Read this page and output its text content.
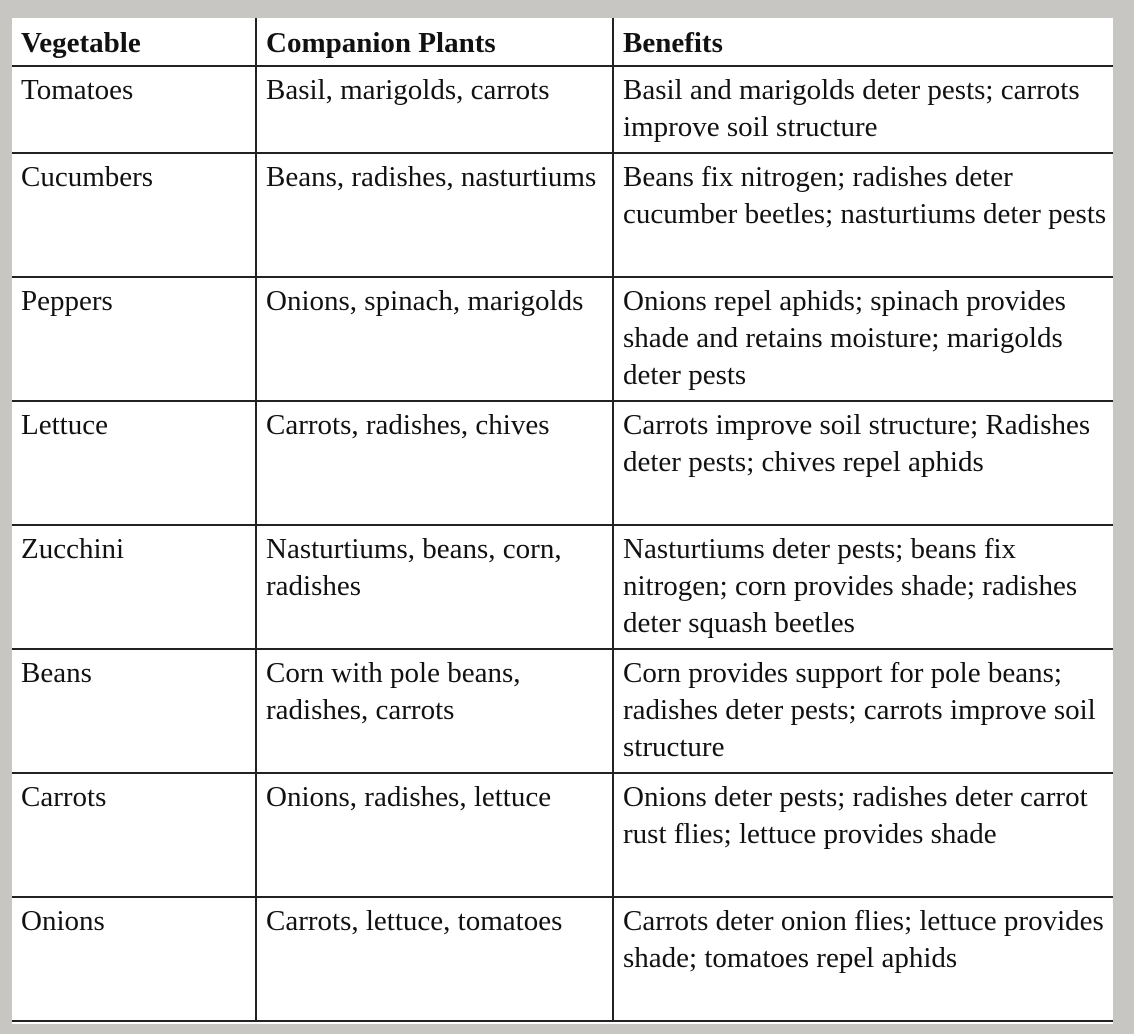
Vegetable	Companion Plants	Benefits
Tomatoes	Basil, marigolds, carrots	Basil and marigolds deter pests; carrots improve soil structure
Cucumbers	Beans, radishes, nasturtiums	Beans fix nitrogen; radishes deter cucumber beetles; nasturtiums deter pests
Peppers	Onions, spinach, marigolds	Onions repel aphids; spinach provides shade and retains moisture; marigolds deter pests
Lettuce	Carrots, radishes, chives	Carrots improve soil structure; Radishes deter pests; chives repel aphids
Zucchini	Nasturtiums, beans, corn, radishes	Nasturtiums deter pests; beans fix nitrogen; corn provides shade; radishes deter squash beetles
Beans	Corn with pole beans, radishes, carrots	Corn provides support for pole beans; radishes deter pests; carrots improve soil structure
Carrots	Onions, radishes, lettuce	Onions deter pests; radishes deter carrot rust flies; lettuce provides shade
Onions	Carrots, lettuce, tomatoes	Carrots deter onion flies; lettuce provides shade; tomatoes repel aphids
